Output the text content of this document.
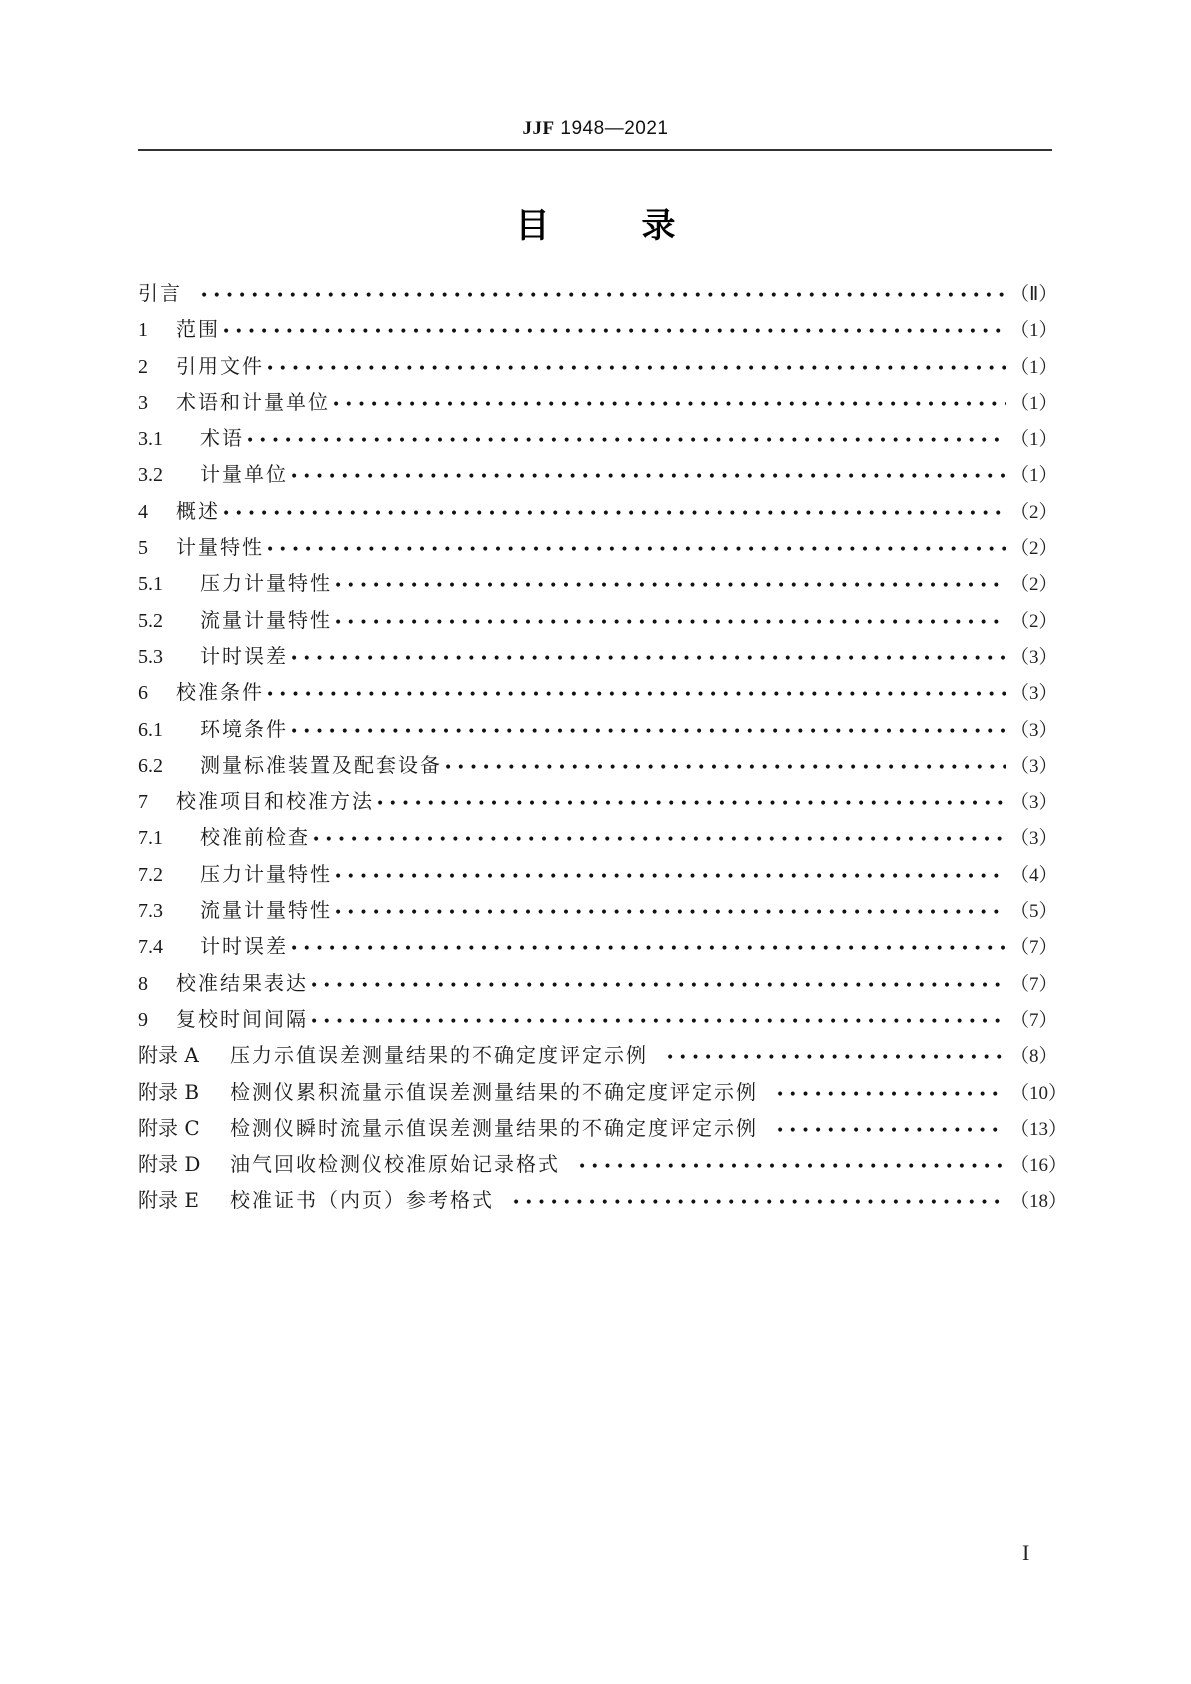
JJF 1948—2021
目	录
引言 •••••	（Ⅱ）
1	范围 •••••	（1）
2	引用文件 •••••	（1）
3	术语和计量单位 •••••	（1）
3.1	术语 •••••	（1）
3.2	计量单位 •••••	（1）
4	概述 •••••	（2）
5	计量特性 •••••	（2）
5.1	压力计量特性 •••••	（2）
5.2	流量计量特性 •••••	（2）
5.3	计时误差 •••••	（3）
6	校准条件 •••••	（3）
6.1	环境条件 •••••	（3）
6.2	测量标准装置及配套设备 •••••	（3）
7	校准项目和校准方法 •••••	（3）
7.1	校准前检查 •••••	（3）
7.2	压力计量特性 •••••	（4）
7.3	流量计量特性 •••••	（5）
7.4	计时误差 •••••	（7）
8	校准结果表达 •••••	（7）
9	复校时间间隔 •••••	（7）
附录 A	压力示值误差测量结果的不确定度评定示例 •••••	（8）
附录 B	检测仪累积流量示值误差测量结果的不确定度评定示例 •••••	（10）
附录 C	检测仪瞬时流量示值误差测量结果的不确定度评定示例 •••••	（13）
附录 D	油气回收检测仪校准原始记录格式 •••••	（16）
附录 E	校准证书（内页）参考格式 •••••	（18）
I
